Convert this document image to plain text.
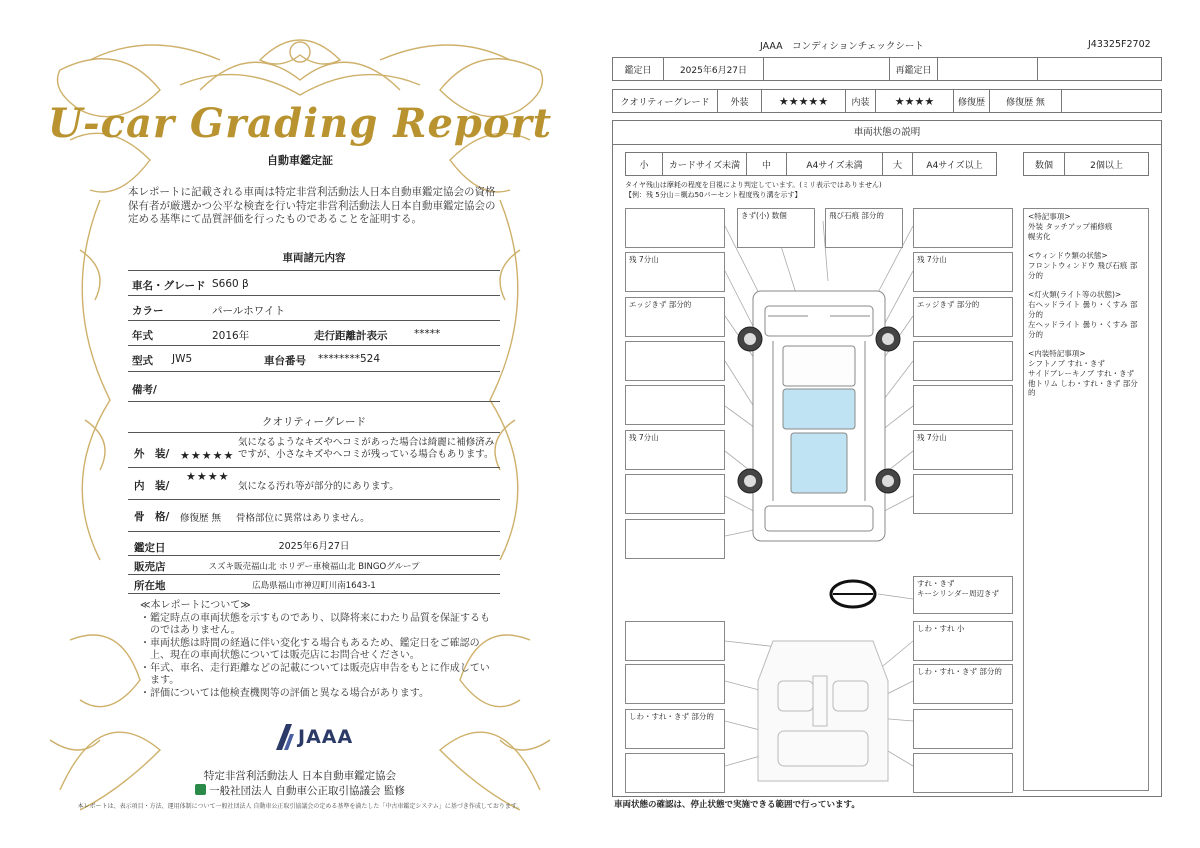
U-car Grading Report
自動車鑑定証
本レポートに記載される車両は特定非営利活動法人日本自動車鑑定協会の資格保有者が厳選かつ公平な検査を行い特定非営利活動法人日本自動車鑑定協会の定める基準にて品質評価を行ったものであることを証明する。
車両諸元内容
車名・グレード S660 β
カラー	パールホワイト
年式	2016年	走行距離計表示	*****
型式 JW5	車台番号 ********524
備考/
クオリティーグレード
外　装/ ★★★★★
気になるようなキズやヘコミがあった場合は綺麗に補修済みですが、小さなキズやヘコミが残っている場合もあります。
内　装/
★★★★
気になる汚れ等が部分的にあります。
骨　格/ 修復歴 無 骨格部位に異常はありません。
鑑定日	2025年6月27日
販売店	スズキ販売福山北 ホリデー車検福山北 BINGOグループ
所在地	広島県福山市神辺町川南1643-1
≪本レポートについて≫
・鑑定時点の車両状態を示すものであり、以降将来にわたり品質を保証するものではありません。
・車両状態は時間の経過に伴い変化する場合もあるため、鑑定日をご確認の上、現在の車両状態については販売店にお問合せください。
・年式、車名、走行距離などの記載については販売店申告をもとに作成しています。
・評価については他検査機関等の評価と異なる場合があります。
JAAA
特定非営利活動法人 日本自動車鑑定協会
一般社団法人 自動車公正取引協議会 監修
本レポートは、表示項目・方法、運用体制について一般社団法人 自動車公正取引協議会の定める基準を満たした「中古車鑑定システム」に基づき作成しております。
JAAA　コンディションチェックシート	J43325F2702
鑑定日	2025年6月27日	再鑑定日
クオリティーグレード	外装	★★★★★	内装	★★★★	修復歴	修復歴 無
車両状態の説明
小	カードサイズ未満	中	A4サイズ未満	大	A4サイズ以上	数個	2個以上
タイヤ残山は摩耗の程度を目視により判定しています。(ミリ表示ではありません)
【例：残 5分山＝概ね50パーセント程度残り溝を示す】
残 7分山
エッジきず 部分的
残 7分山
きず(小) 数個	飛び石痕 部分的
残 7分山
エッジきず 部分的
残 7分山
すれ・きず
キーシリンダー周辺きず
しわ・すれ・きず 部分的
しわ・すれ 小
しわ・すれ・きず 部分的
<特記事項>
外装 タッチアップ補修痕
幌劣化

<ウィンドウ類の状態>
フロントウィンドウ 飛び石痕 部分的

<灯火類(ライト等の状態)>
右ヘッドライト 曇り・くすみ 部分的
左ヘッドライト 曇り・くすみ 部分的

<内装特記事項>
シフトノブ すれ・きず
サイドブレーキノブ すれ・きず
他トリム しわ・すれ・きず 部分的
車両状態の確認は、停止状態で実施できる範囲で行っています。
